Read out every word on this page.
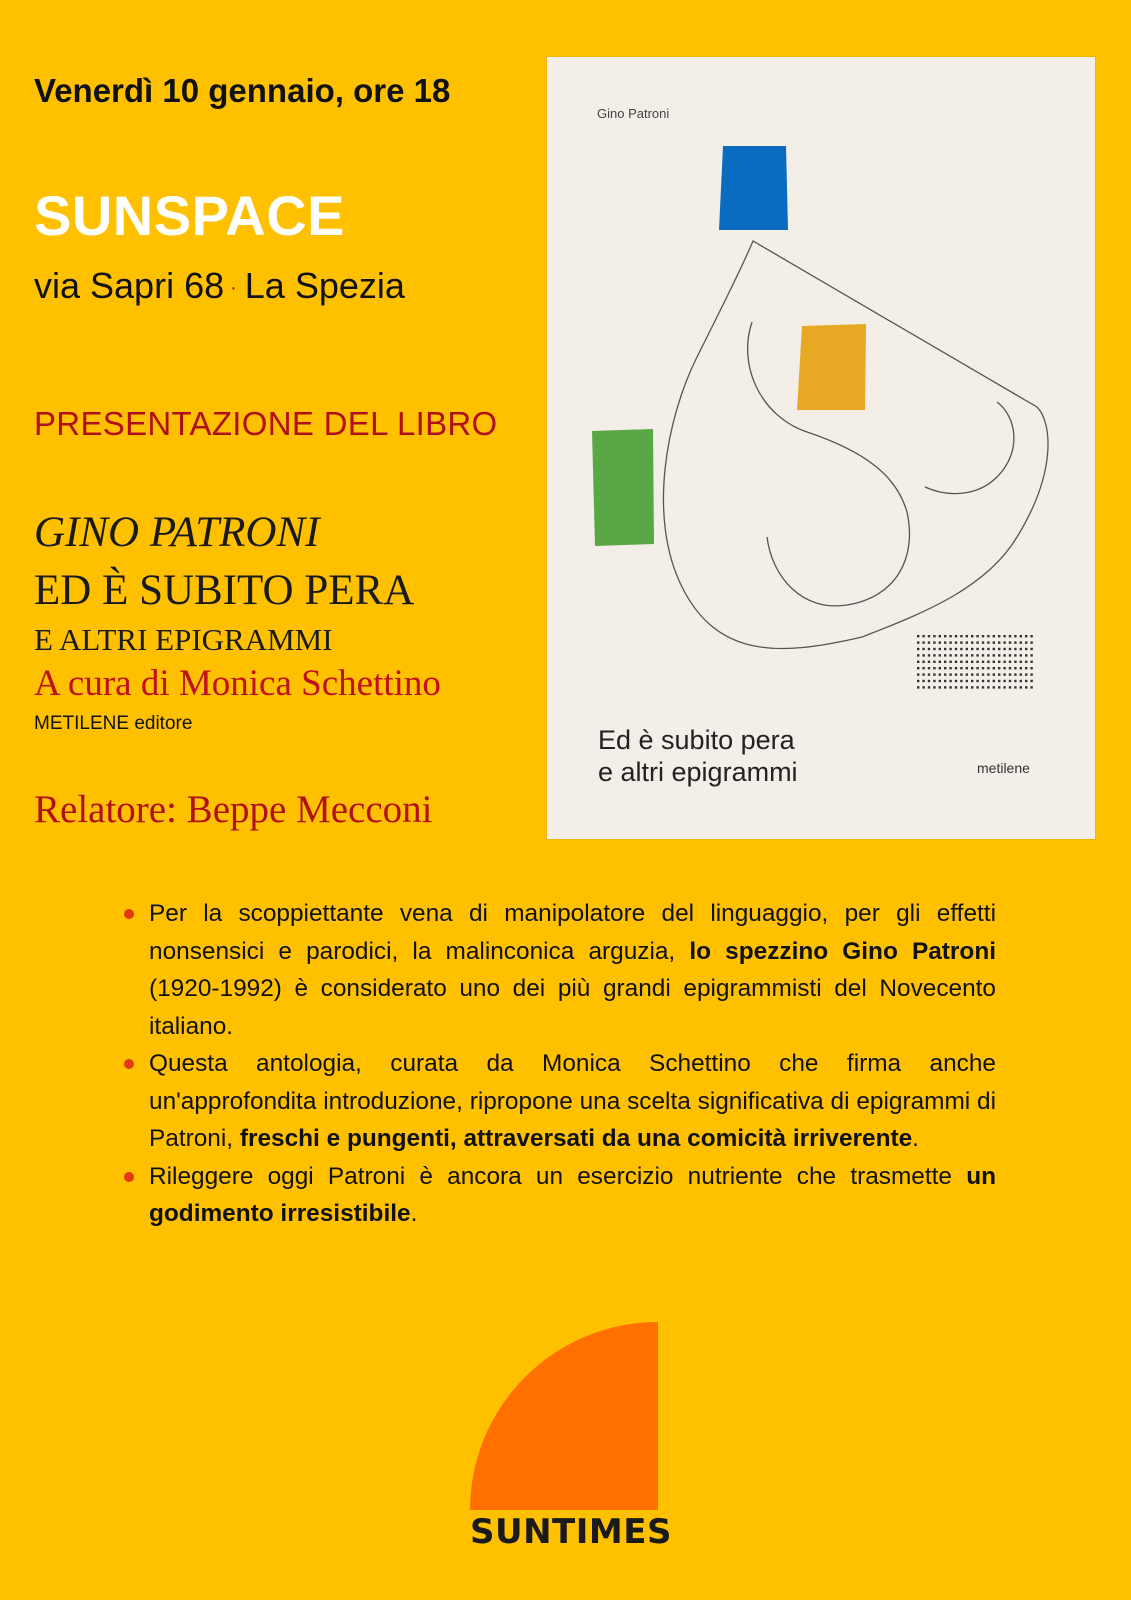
Venerdì 10 gennaio, ore 18
SUNSPACE
via Sapri 68 · La Spezia
PRESENTAZIONE DEL LIBRO
GINO PATRONI
ED È SUBITO PERA
E ALTRI EPIGRAMMI
A cura di Monica Schettino
METILENE editore
Relatore: Beppe Mecconi
Gino Patroni
Ed è subito pera
e altri epigrammi	metilene
Per la scoppiettante vena di manipolatore del linguaggio, per gli effetti nonsensici e parodici, la malinconica arguzia, lo spezzino Gino Patroni (1920-1992) è considerato uno dei più grandi epigrammisti del Novecento italiano.
Questa antologia, curata da Monica Schettino che firma anche un'approfondita introduzione, ripropone una scelta significativa di epigrammi di Patroni, freschi e pungenti, attraversati da una comicità irriverente.
Rileggere oggi Patroni è ancora un esercizio nutriente che trasmette un godimento irresistibile.
SUNTIMES
